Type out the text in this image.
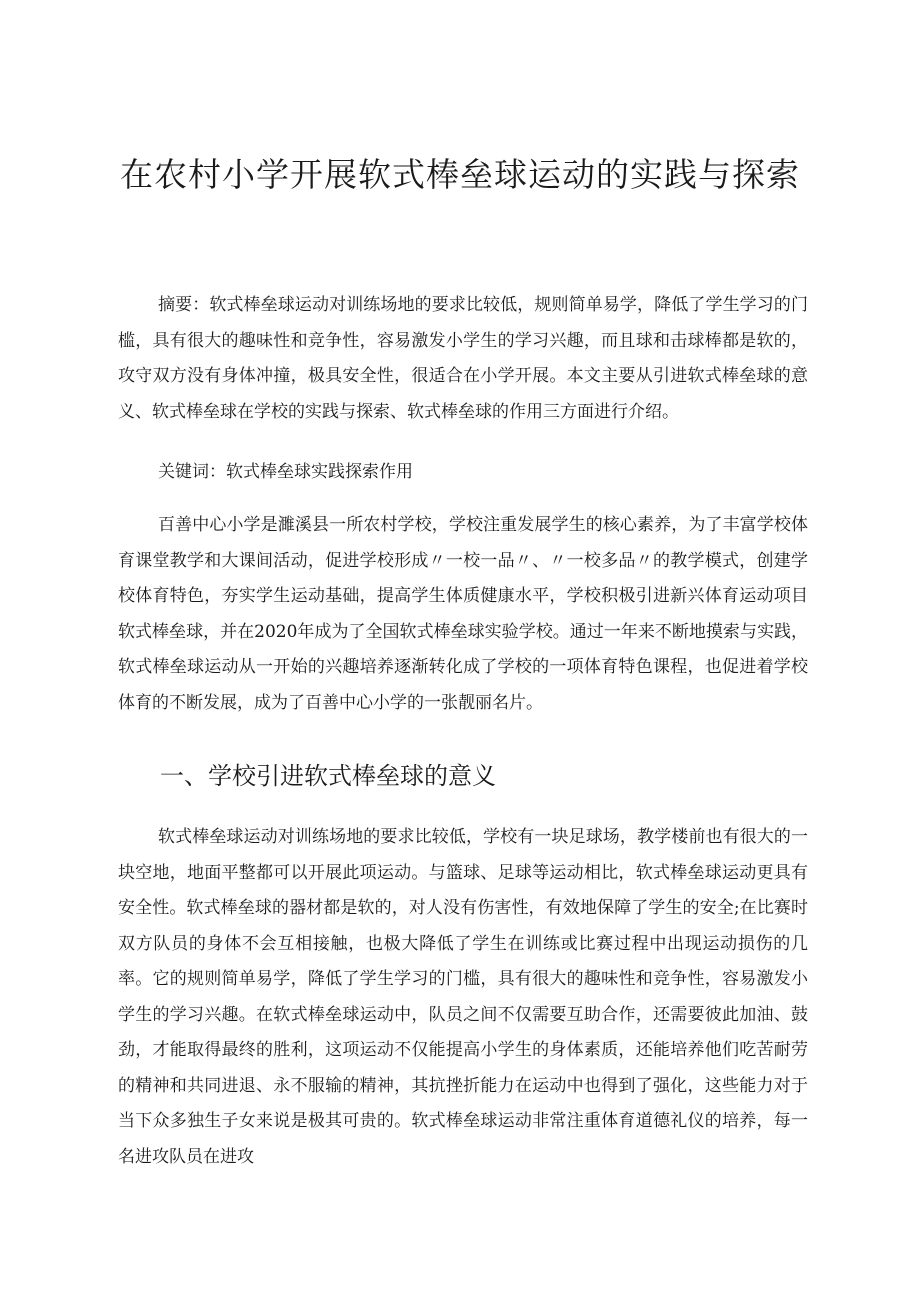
在农村小学开展软式棒垒球运动的实践与探索

摘要：软式棒垒球运动对训练场地的要求比较低，规则简单易学，降低了学生学习的门槛，具有很大的趣味性和竞争性，容易激发小学生的学习兴趣，而且球和击球棒都是软的，攻守双方没有身体冲撞，极具安全性，很适合在小学开展。本文主要从引进软式棒垒球的意义、软式棒垒球在学校的实践与探索、软式棒垒球的作用三方面进行介绍。

关键词：软式棒垒球实践探索作用

百善中心小学是濉溪县一所农村学校，学校注重发展学生的核心素养，为了丰富学校体育课堂教学和大课间活动，促进学校形成〃一校一品〃、〃一校多品〃的教学模式，创建学校体育特色，夯实学生运动基础，提高学生体质健康水平，学校积极引进新兴体育运动项目软式棒垒球，并在2020年成为了全国软式棒垒球实验学校。通过一年来不断地摸索与实践，软式棒垒球运动从一开始的兴趣培养逐渐转化成了学校的一项体育特色课程，也促进着学校体育的不断发展，成为了百善中心小学的一张靓丽名片。

一、学校引进软式棒垒球的意义

软式棒垒球运动对训练场地的要求比较低，学校有一块足球场，教学楼前也有很大的一块空地，地面平整都可以开展此项运动。与篮球、足球等运动相比，软式棒垒球运动更具有安全性。软式棒垒球的器材都是软的，对人没有伤害性，有效地保障了学生的安全;在比赛时双方队员的身体不会互相接触，也极大降低了学生在训练或比赛过程中出现运动损伤的几率。它的规则简单易学，降低了学生学习的门槛，具有很大的趣味性和竞争性，容易激发小学生的学习兴趣。在软式棒垒球运动中，队员之间不仅需要互助合作，还需要彼此加油、鼓劲，才能取得最终的胜利，这项运动不仅能提高小学生的身体素质，还能培养他们吃苦耐劳的精神和共同进退、永不服输的精神，其抗挫折能力在运动中也得到了强化，这些能力对于当下众多独生子女来说是极其可贵的。软式棒垒球运动非常注重体育道德礼仪的培养，每一名进攻队员在进攻
